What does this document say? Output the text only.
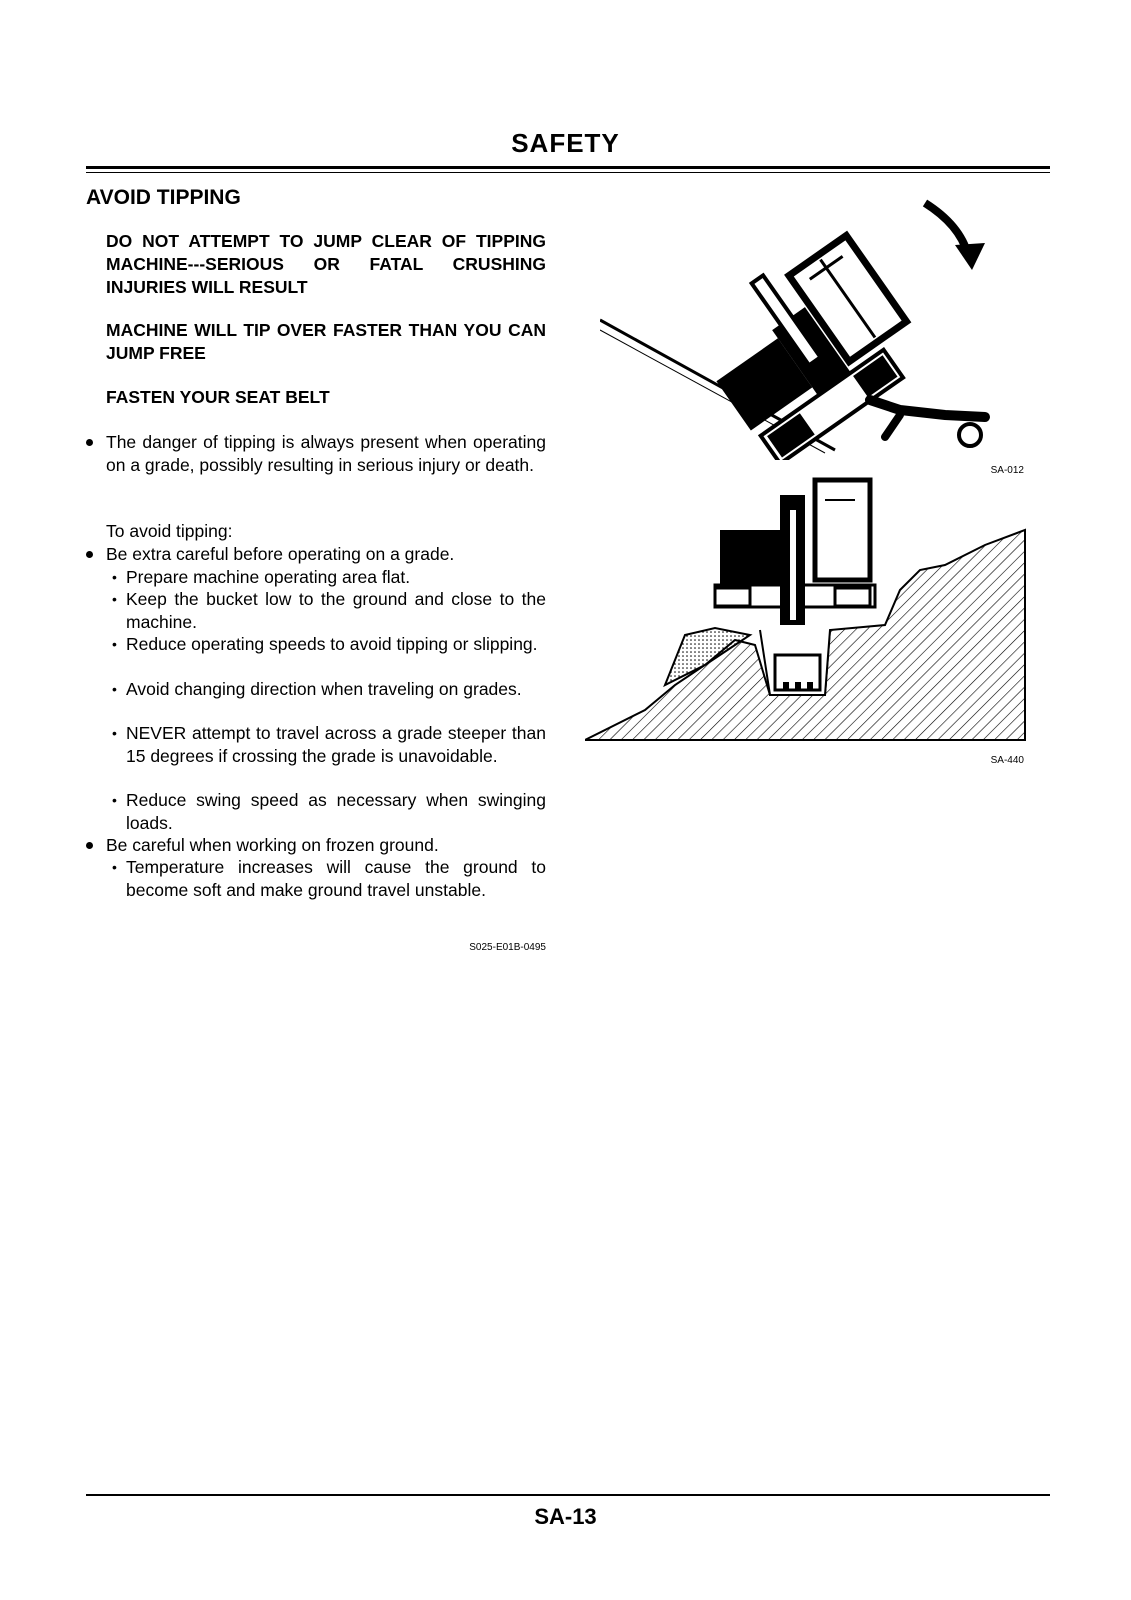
SAFETY
AVOID TIPPING
DO NOT ATTEMPT TO JUMP CLEAR OF TIPPING MACHINE---SERIOUS OR FATAL CRUSHING INJURIES WILL RESULT
MACHINE WILL TIP OVER FASTER THAN YOU CAN JUMP FREE
FASTEN YOUR SEAT BELT
The danger of tipping is always present when operating on a grade, possibly resulting in serious injury or death.
To avoid tipping:
Be extra careful before operating on a grade.
• Prepare machine operating area flat.
• Keep the bucket low to the ground and close to the machine.
• Reduce operating speeds to avoid tipping or slipping.
• Avoid changing direction when traveling on grades.
• NEVER attempt to travel across a grade steeper than 15 degrees if crossing the grade is unavoidable.
• Reduce swing speed as necessary when swinging loads.
Be careful when working on frozen ground.
• Temperature increases will cause the ground to become soft and make ground travel unstable.
S025-E01B-0495
SA-012
SA-440
SA-13
